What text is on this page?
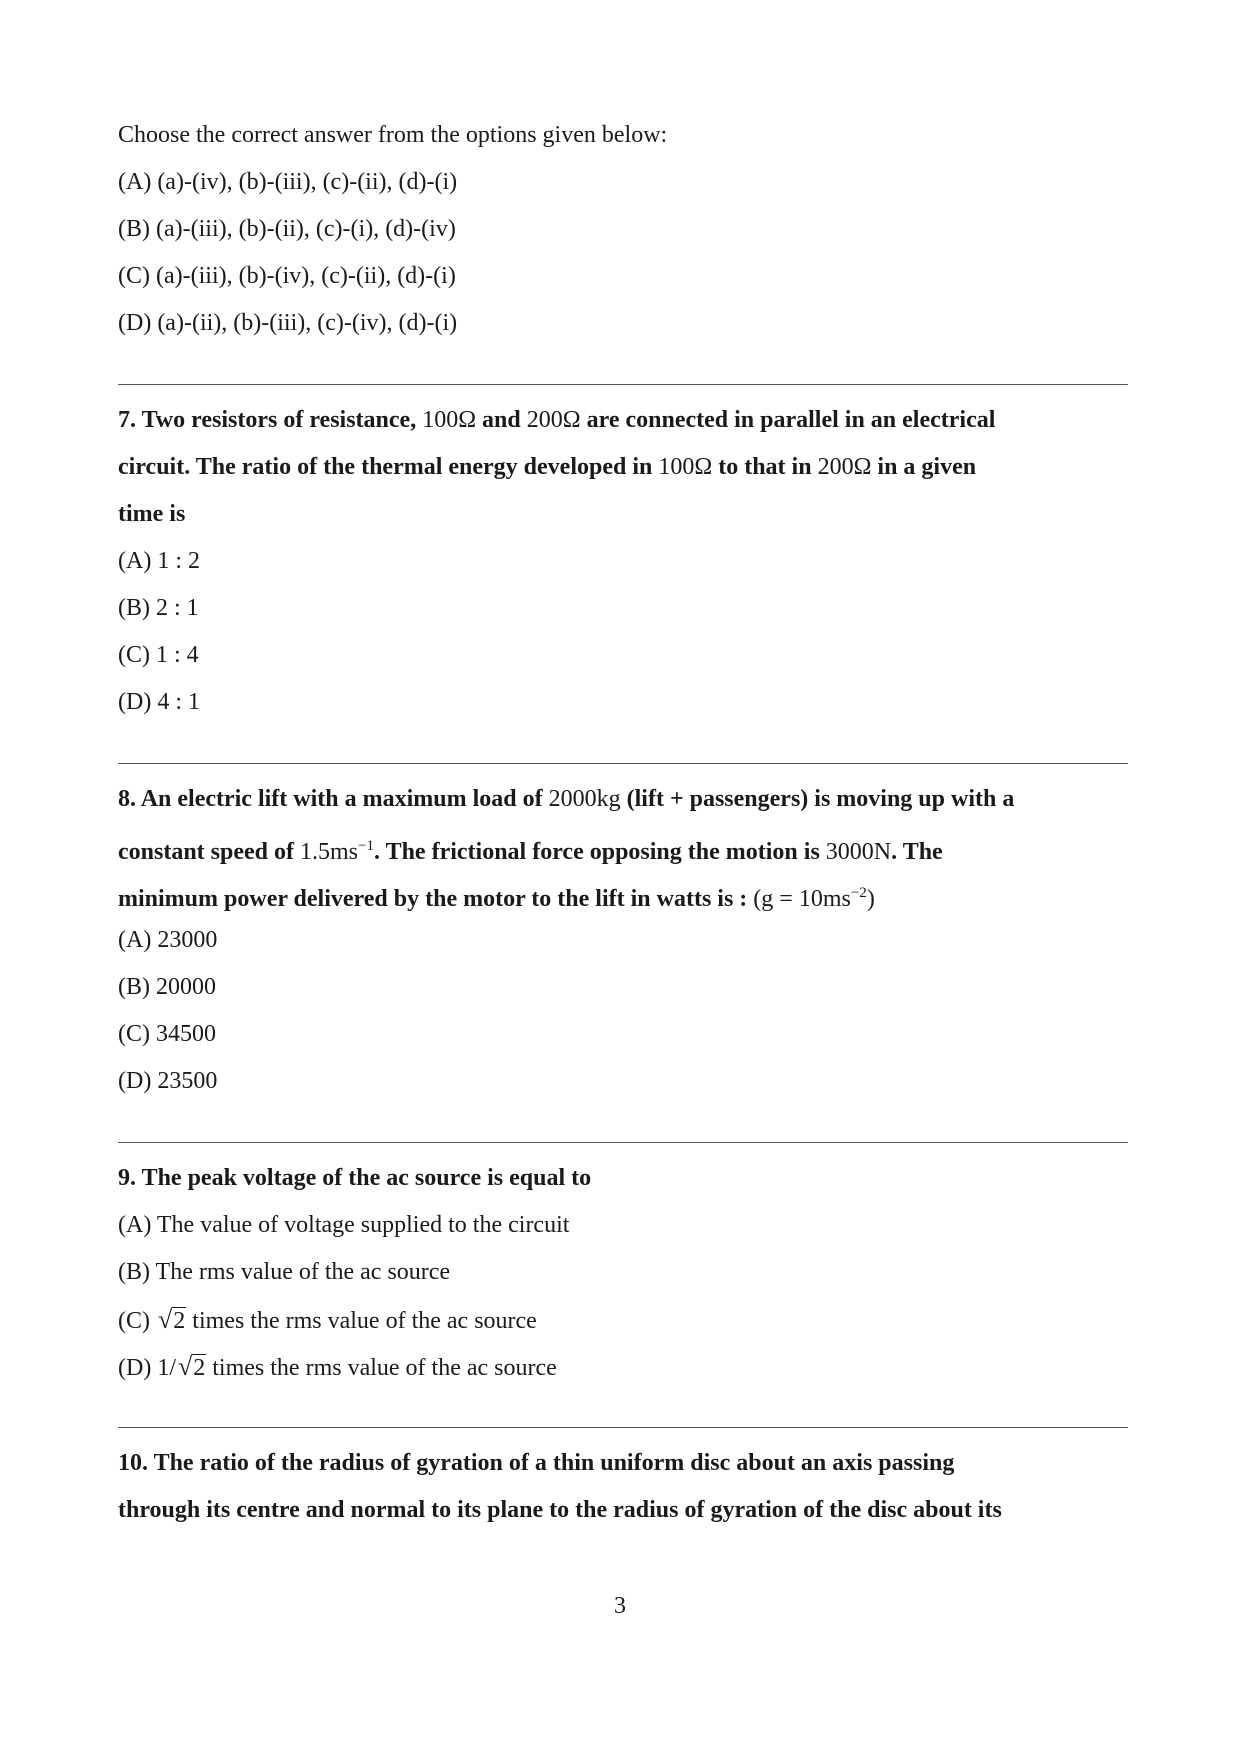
Choose the correct answer from the options given below:
(A) (a)-(iv), (b)-(iii), (c)-(ii), (d)-(i)
(B) (a)-(iii), (b)-(ii), (c)-(i), (d)-(iv)
(C) (a)-(iii), (b)-(iv), (c)-(ii), (d)-(i)
(D) (a)-(ii), (b)-(iii), (c)-(iv), (d)-(i)
7. Two resistors of resistance, 100Ω and 200Ω are connected in parallel in an electrical
circuit. The ratio of the thermal energy developed in 100Ω to that in 200Ω in a given
time is
(A) 1 : 2
(B) 2 : 1
(C) 1 : 4
(D) 4 : 1
8. An electric lift with a maximum load of 2000kg (lift + passengers) is moving up with a
constant speed of $1.5ms^{-1}$. The frictional force opposing the motion is 3000N. The
minimum power delivered by the motor to the lift in watts is : $(g = 10ms^{-2})$
(A) 23000
(B) 20000
(C) 34500
(D) 23500
9. The peak voltage of the ac source is equal to
(A) The value of voltage supplied to the circuit
(B) The rms value of the ac source
(C) √2 times the rms value of the ac source
(D) 1/√2 times the rms value of the ac source
10. The ratio of the radius of gyration of a thin uniform disc about an axis passing
through its centre and normal to its plane to the radius of gyration of the disc about its
3
